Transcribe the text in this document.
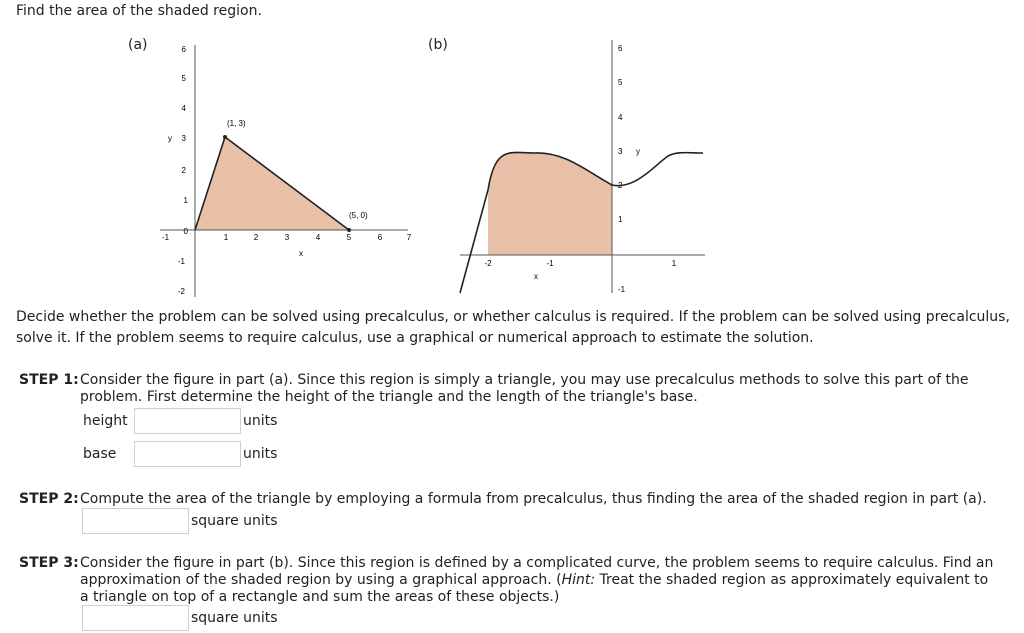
Find the area of the shaded region.
(a)	6
5
4
3
2
1
0
-1
-2
y
-1	1	2	3	4	5	6	7
x
(1, 3)
(5, 0)
(b)	6
5
4
3 y
2
1
-1
-2	-1	1
x
Decide whether the problem can be solved using precalculus, or whether calculus is required. If the problem can be solved using precalculus, solve it. If the problem seems to require calculus, use a graphical or numerical approach to estimate the solution.
STEP 1: Consider the figure in part (a). Since this region is simply a triangle, you may use precalculus methods to solve this part of the problem. First determine the height of the triangle and the length of the triangle's base.
height	units
base	units
STEP 2: Compute the area of the triangle by employing a formula from precalculus, thus finding the area of the shaded region in part (a).
square units
STEP 3: Consider the figure in part (b). Since this region is defined by a complicated curve, the problem seems to require calculus. Find an approximation of the shaded region by using a graphical approach. (Hint: Treat the shaded region as approximately equivalent to a triangle on top of a rectangle and sum the areas of these objects.)
square units
